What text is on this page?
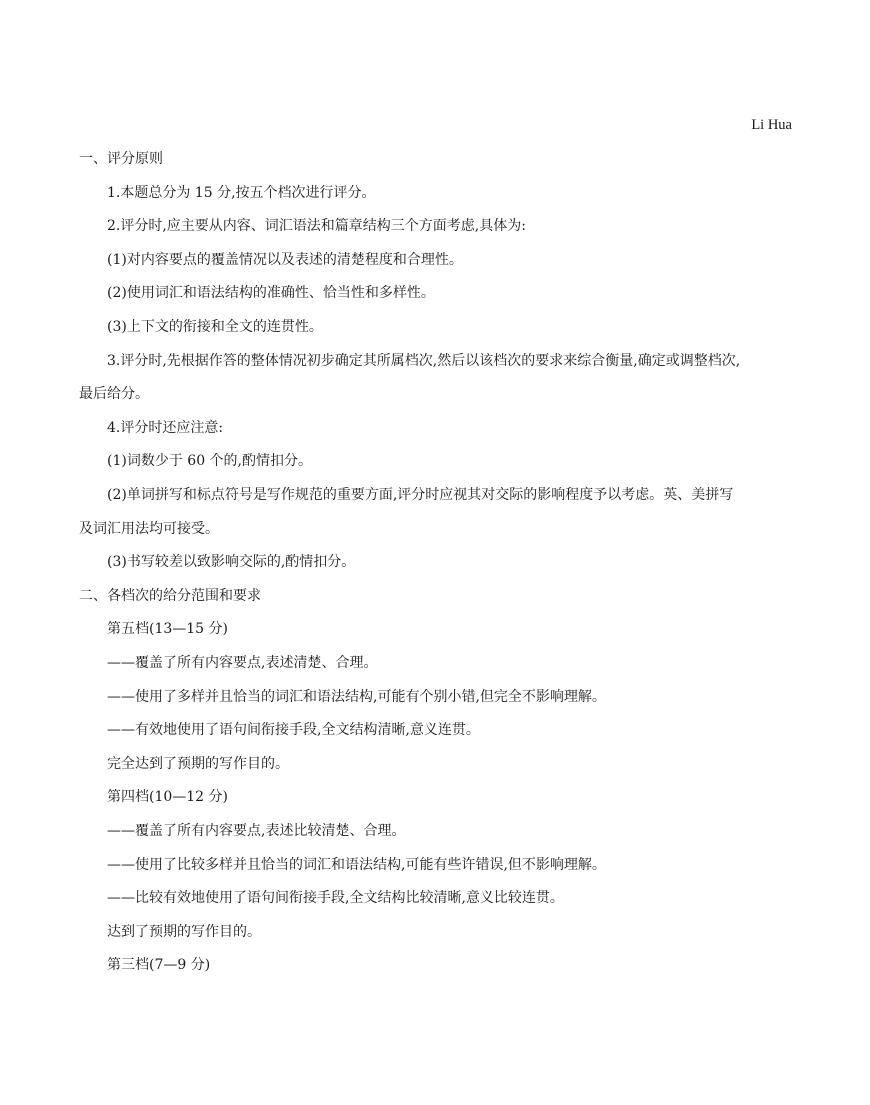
Li Hua
一、评分原则
1.本题总分为 15 分,按五个档次进行评分。
2.评分时,应主要从内容、词汇语法和篇章结构三个方面考虑,具体为:
(1)对内容要点的覆盖情况以及表述的清楚程度和合理性。
(2)使用词汇和语法结构的准确性、恰当性和多样性。
(3)上下文的衔接和全文的连贯性。
3.评分时,先根据作答的整体情况初步确定其所属档次,然后以该档次的要求来综合衡量,确定或调整档次,
最后给分。
4.评分时还应注意:
(1)词数少于 60 个的,酌情扣分。
(2)单词拼写和标点符号是写作规范的重要方面,评分时应视其对交际的影响程度予以考虑。英、美拼写
及词汇用法均可接受。
(3)书写较差以致影响交际的,酌情扣分。
二、各档次的给分范围和要求
第五档(13—15 分)
——覆盖了所有内容要点,表述清楚、合理。
——使用了多样并且恰当的词汇和语法结构,可能有个别小错,但完全不影响理解。
——有效地使用了语句间衔接手段,全文结构清晰,意义连贯。
完全达到了预期的写作目的。
第四档(10—12 分)
——覆盖了所有内容要点,表述比较清楚、合理。
——使用了比较多样并且恰当的词汇和语法结构,可能有些许错误,但不影响理解。
——比较有效地使用了语句间衔接手段,全文结构比较清晰,意义比较连贯。
达到了预期的写作目的。
第三档(7—9 分)
